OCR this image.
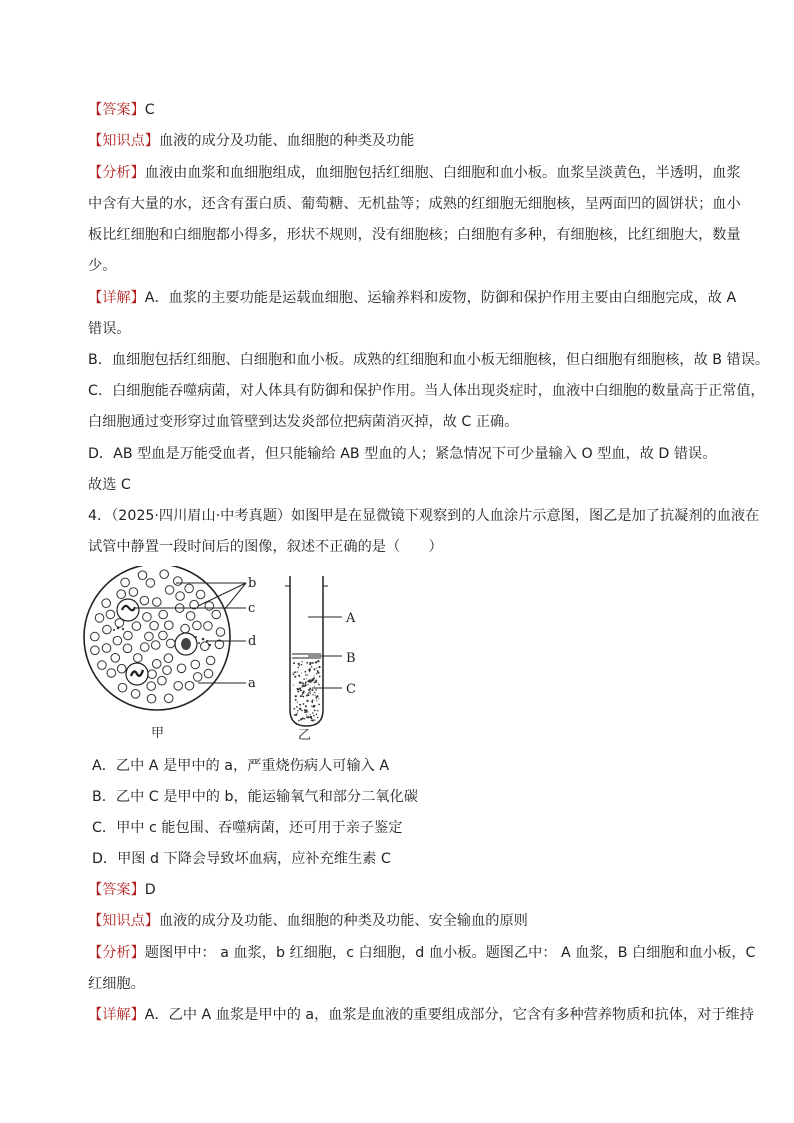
【答案】C
【知识点】血液的成分及功能、血细胞的种类及功能
【分析】血液由血浆和血细胞组成，血细胞包括红细胞、白细胞和血小板。血浆呈淡黄色，半透明，血浆
中含有大量的水，还含有蛋白质、葡萄糖、无机盐等；成熟的红细胞无细胞核，呈两面凹的圆饼状；血小
板比红细胞和白细胞都小得多，形状不规则，没有细胞核；白细胞有多种，有细胞核，比红细胞大，数量
少。
【详解】A．血浆的主要功能是运载血细胞、运输养料和废物，防御和保护作用主要由白细胞完成，故 A
错误。
B．血细胞包括红细胞、白细胞和血小板。成熟的红细胞和血小板无细胞核，但白细胞有细胞核，故 B 错误。
C．白细胞能吞噬病菌，对人体具有防御和保护作用。当人体出现炎症时，血液中白细胞的数量高于正常值，
白细胞通过变形穿过血管壁到达发炎部位把病菌消灭掉，故 C 正确。
D．AB 型血是万能受血者，但只能输给 AB 型血的人；紧急情况下可少量输入 O 型血，故 D 错误。
故选 C
4．（2025·四川眉山·中考真题）如图甲是在显微镜下观察到的人血涂片示意图，图乙是加了抗凝剂的血液在
试管中静置一段时间后的图像，叙述不正确的是（　　）
b
c
d
a
甲
A
B
C
乙
A．乙中 A 是甲中的 a，严重烧伤病人可输入 A
B．乙中 C 是甲中的 b，能运输氧气和部分二氧化碳
C．甲中 c 能包围、吞噬病菌，还可用于亲子鉴定
D．甲图 d 下降会导致坏血病，应补充维生素 C
【答案】D
【知识点】血液的成分及功能、血细胞的种类及功能、安全输血的原则
【分析】题图甲中： a 血浆，b 红细胞，c 白细胞，d 血小板。题图乙中： A 血浆，B 白细胞和血小板，C
红细胞。
【详解】A．乙中 A 血浆是甲中的 a，血浆是血液的重要组成部分，它含有多种营养物质和抗体，对于维持
